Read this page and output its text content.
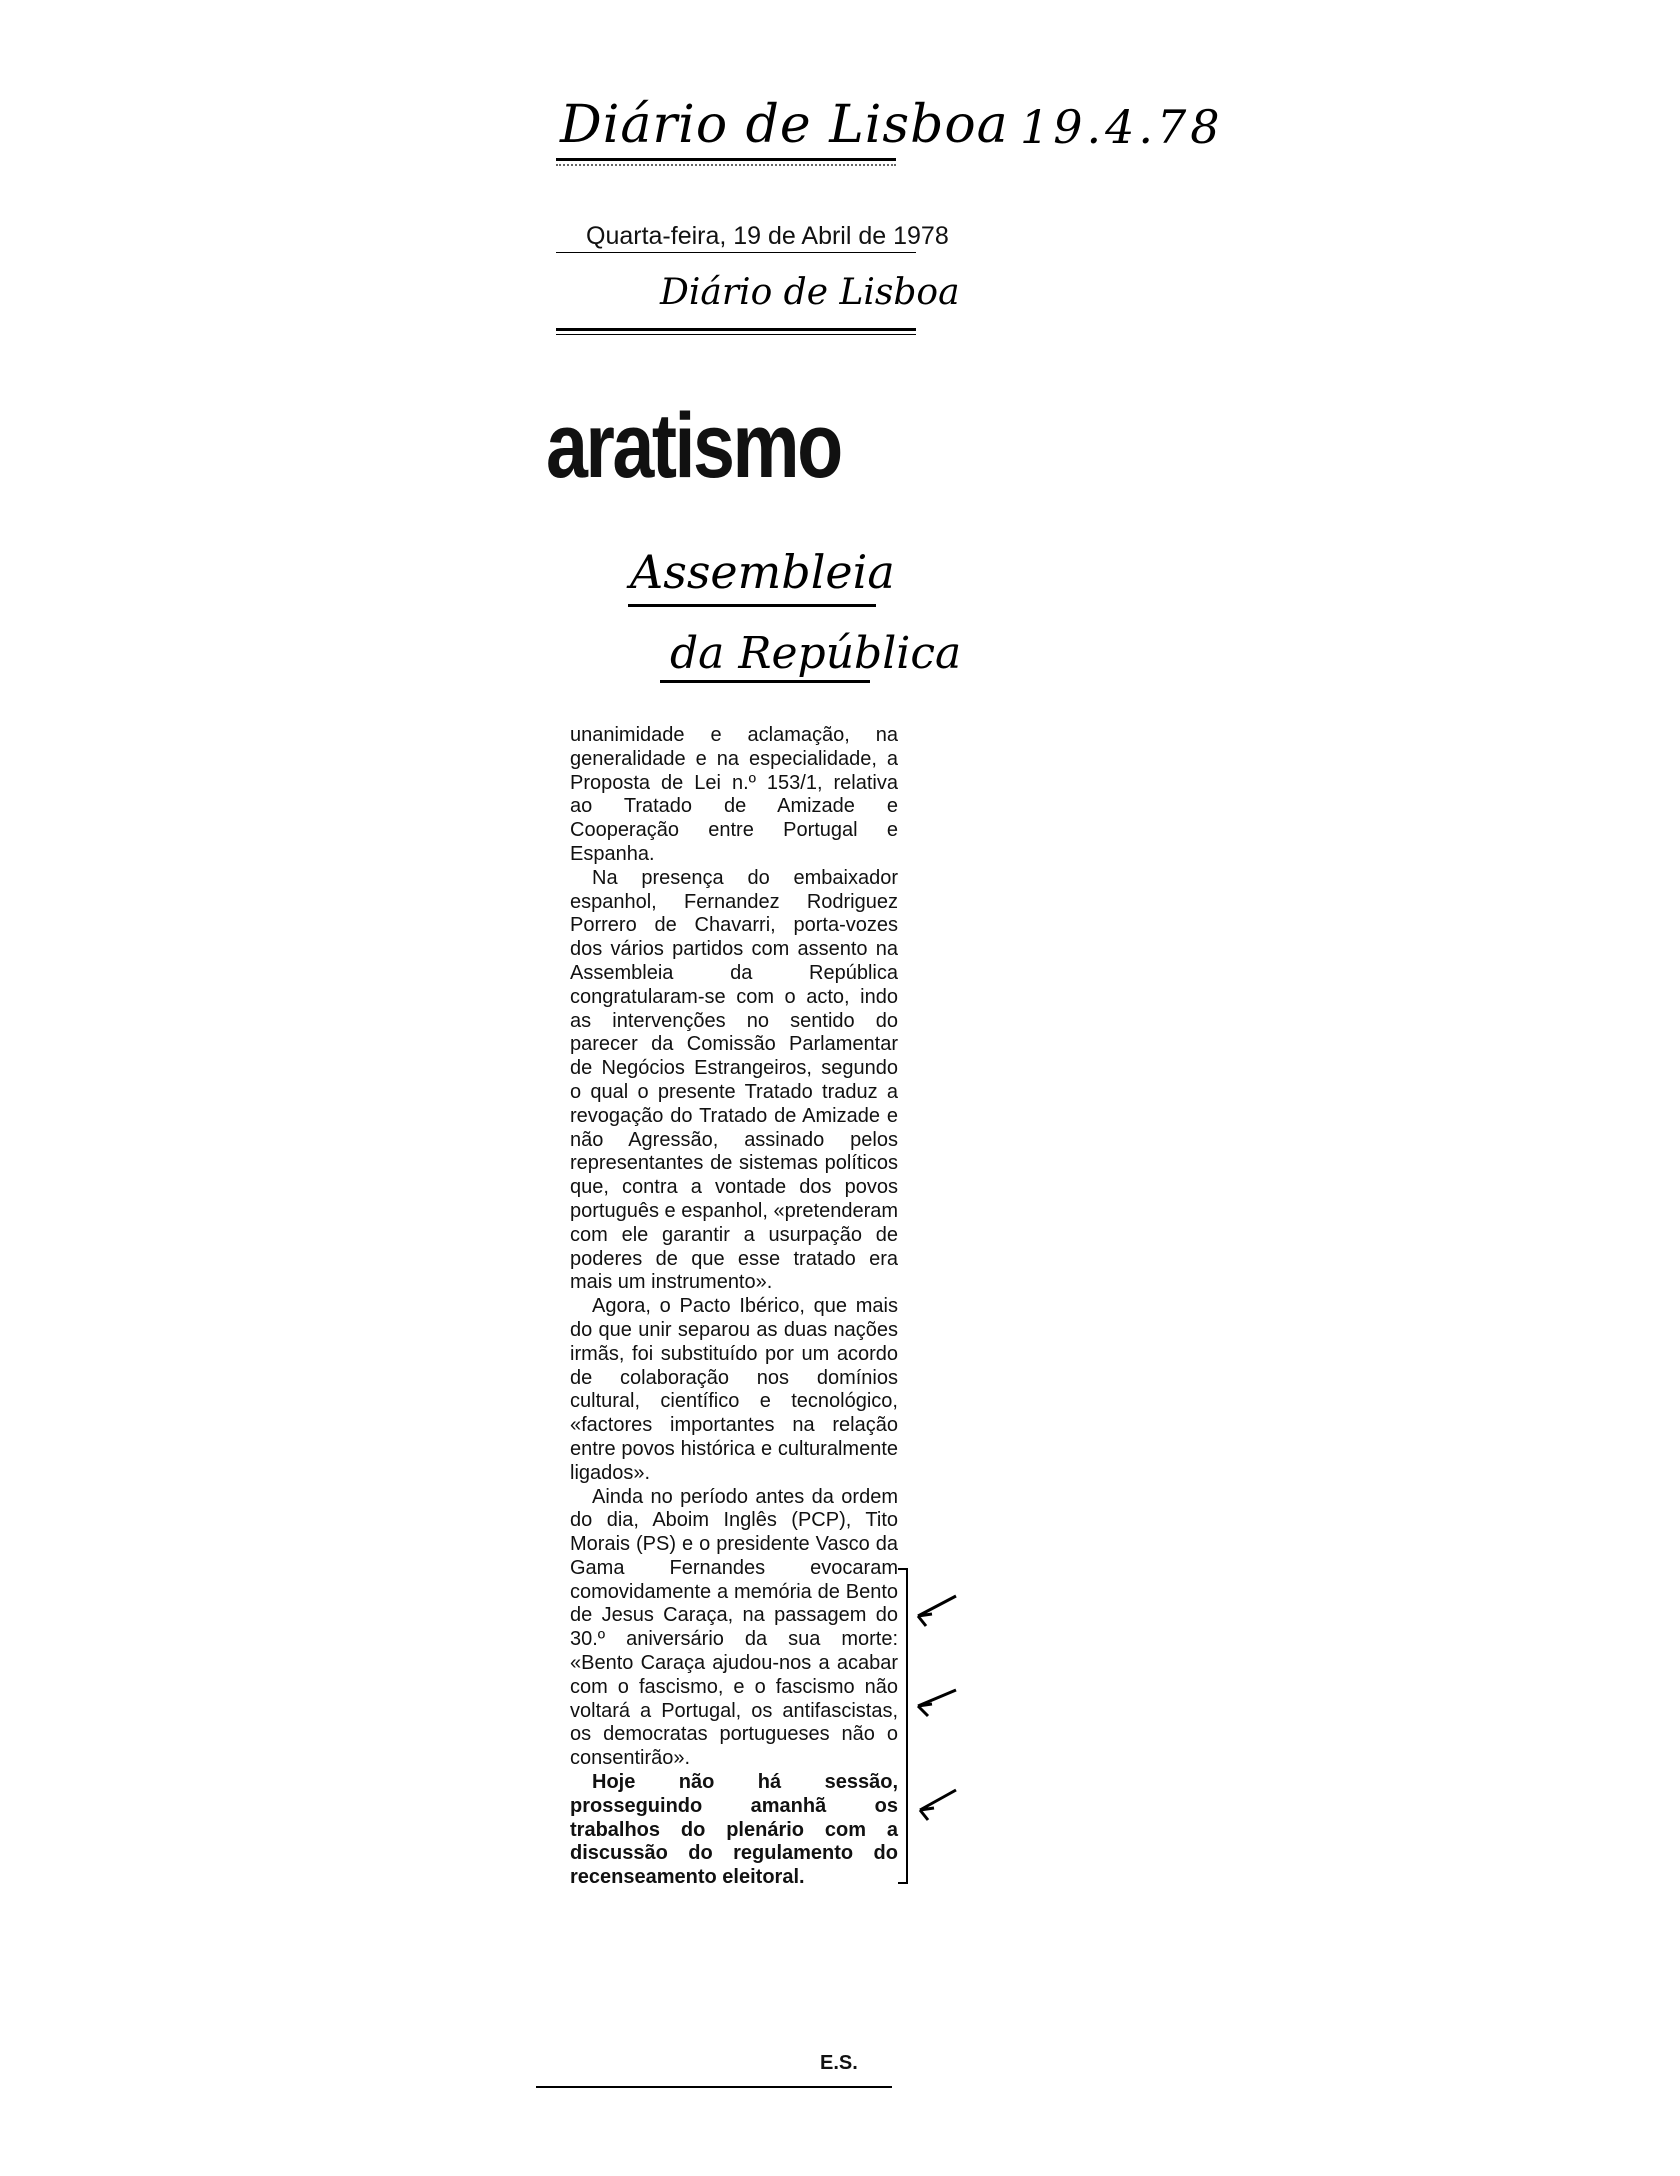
Diário de Lisboa 19.4.78
Quarta-feira, 19 de Abril de 1978
Diário de Lisboa
aratismo
Assembleia
da República

unanimidade e aclamação, na generalidade e na especialidade, a Proposta de Lei n.º 153/1, relativa ao Tratado de Amizade e Cooperação entre Portugal e Espanha.

Na presença do embaixador espanhol, Fernandez Rodriguez Porrero de Chavarri, porta-vozes dos vários partidos com assento na Assembleia da República congratularam-se com o acto, indo as intervenções no sentido do parecer da Comissão Parlamentar de Negócios Estrangeiros, segundo o qual o presente Tratado traduz a revogação do Tratado de Amizade e não Agressão, assinado pelos representantes de sistemas políticos que, contra a vontade dos povos português e espanhol, «pretenderam com ele garantir a usurpação de poderes de que esse tratado era mais um instrumento».

Agora, o Pacto Ibérico, que mais do que unir separou as duas nações irmãs, foi substituído por um acordo de colaboração nos domínios cultural, científico e tecnológico, «factores importantes na relação entre povos histórica e culturalmente ligados».

Ainda no período antes da ordem do dia, Aboim Inglês (PCP), Tito Morais (PS) e o presidente Vasco da Gama Fernandes evocaram comovidamente a memória de Bento de Jesus Caraça, na passagem do 30.º aniversário da sua morte: «Bento Caraça ajudou-nos a acabar com o fascismo, e o fascismo não voltará a Portugal, os antifascistas, os democratas portugueses não o consentirão».

Hoje não há sessão, prosseguindo amanhã os trabalhos do plenário com a discussão do regulamento do recenseamento eleitoral.

E.S.
